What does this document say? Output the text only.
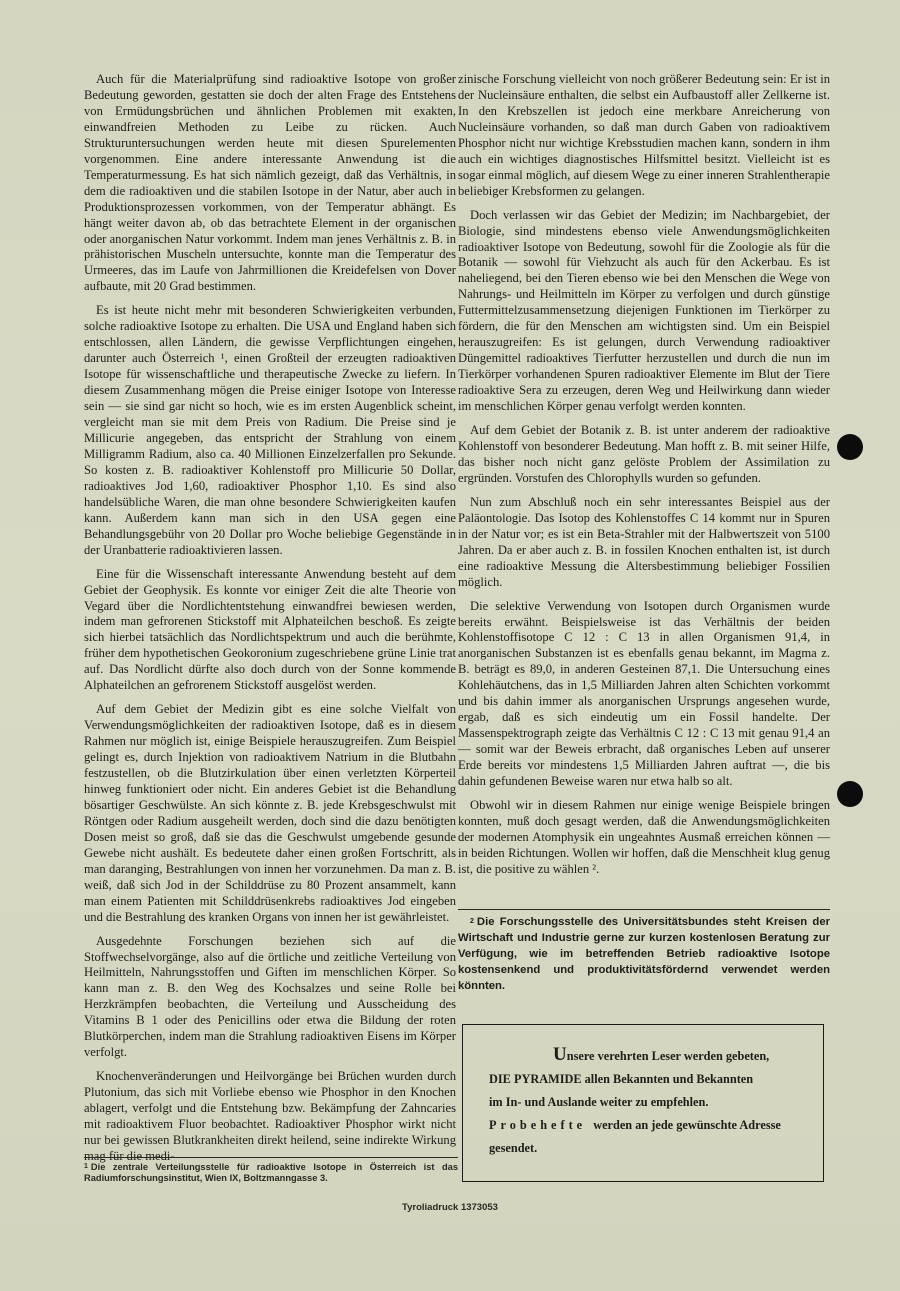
Auch für die Materialprüfung sind radioaktive Isotope von großer Bedeutung geworden, gestatten sie doch der alten Frage des Entstehens von Ermüdungsbrüchen und ähnlichen Problemen mit exakten, einwandfreien Methoden zu Leibe zu rücken. Auch Strukturuntersuchungen werden heute mit diesen Spurelementen vorgenommen. Eine andere interessante Anwendung ist die Temperaturmessung. Es hat sich nämlich gezeigt, daß das Verhältnis, in dem die radioaktiven und die stabilen Isotope in der Natur, aber auch in Produktionsprozessen vorkommen, von der Temperatur abhängt. Es hängt weiter davon ab, ob das betrachtete Element in der organischen oder anorganischen Natur vorkommt. Indem man jenes Verhältnis z. B. in prähistorischen Muscheln untersuchte, konnte man die Temperatur des Urmeeres, das im Laufe von Jahrmillionen die Kreidefelsen von Dover aufbaute, mit 20 Grad bestimmen.

Es ist heute nicht mehr mit besonderen Schwierigkeiten verbunden, solche radioaktive Isotope zu erhalten. Die USA und England haben sich entschlossen, allen Ländern, die gewisse Verpflichtungen eingehen, darunter auch Österreich ¹, einen Großteil der erzeugten radioaktiven Isotope für wissenschaftliche und therapeutische Zwecke zu liefern. In diesem Zusammenhang mögen die Preise einiger Isotope von Interesse sein — sie sind gar nicht so hoch, wie es im ersten Augenblick scheint, vergleicht man sie mit dem Preis von Radium. Die Preise sind je Millicurie angegeben, das entspricht der Strahlung von einem Milligramm Radium, also ca. 40 Millionen Einzelzerfallen pro Sekunde. So kosten z. B. radioaktiver Kohlenstoff pro Millicurie 50 Dollar, radioaktives Jod 1,60, radioaktiver Phosphor 1,10. Es sind also handelsübliche Waren, die man ohne besondere Schwierigkeiten kaufen kann. Außerdem kann man sich in den USA gegen eine Behandlungsgebühr von 20 Dollar pro Woche beliebige Gegenstände in der Uranbatterie radioaktivieren lassen.

Eine für die Wissenschaft interessante Anwendung besteht auf dem Gebiet der Geophysik. Es konnte vor einiger Zeit die alte Theorie von Vegard über die Nordlichtentstehung einwandfrei bewiesen werden, indem man gefrorenen Stickstoff mit Alphateilchen beschoß. Es zeigte sich hierbei tatsächlich das Nordlichtspektrum und auch die berühmte, früher dem hypothetischen Geokoronium zugeschriebene grüne Linie trat auf. Das Nordlicht dürfte also doch durch von der Sonne kommende Alphateilchen an gefrorenem Stickstoff ausgelöst werden.

Auf dem Gebiet der Medizin gibt es eine solche Vielfalt von Verwendungsmöglichkeiten der radioaktiven Isotope, daß es in diesem Rahmen nur möglich ist, einige Beispiele herauszugreifen. Zum Beispiel gelingt es, durch Injektion von radioaktivem Natrium in die Blutbahn festzustellen, ob die Blutzirkulation über einen verletzten Körperteil hinweg funktioniert oder nicht. Ein anderes Gebiet ist die Behandlung bösartiger Geschwülste. An sich könnte z. B. jede Krebsgeschwulst mit Röntgen oder Radium ausgeheilt werden, doch sind die dazu benötigten Dosen meist so groß, daß sie das die Geschwulst umgebende gesunde Gewebe nicht aushält. Es bedeutete daher einen großen Fortschritt, als man daranging, Bestrahlungen von innen her vorzunehmen. Da man z. B. weiß, daß sich Jod in der Schilddrüse zu 80 Prozent ansammelt, kann man einem Patienten mit Schilddrüsenkrebs radioaktives Jod eingeben und die Bestrahlung des kranken Organs von innen her ist gewährleistet.

Ausgedehnte Forschungen beziehen sich auf die Stoffwechselvorgänge, also auf die örtliche und zeitliche Verteilung von Heilmitteln, Nahrungsstoffen und Giften im menschlichen Körper. So kann man z. B. den Weg des Kochsalzes und seine Rolle bei Herzkrämpfen beobachten, die Verteilung und Ausscheidung des Vitamins B 1 oder des Penicillins oder etwa die Bildung der roten Blutkörperchen, indem man die Strahlung radioaktiven Eisens im Körper verfolgt.

Knochenveränderungen und Heilvorgänge bei Brüchen wurden durch Plutonium, das sich mit Vorliebe ebenso wie Phosphor in den Knochen ablagert, verfolgt und die Entstehung bzw. Bekämpfung der Zahncaries mit radioaktivem Fluor beobachtet. Radioaktiver Phosphor wirkt nicht nur bei gewissen Blutkrankheiten direkt heilend, seine indirekte Wirkung mag für die medi-

zinische Forschung vielleicht von noch größerer Bedeutung sein: Er ist in der Nucleinsäure enthalten, die selbst ein Aufbaustoff aller Zellkerne ist. In den Krebszellen ist jedoch eine merkbare Anreicherung von Nucleinsäure vorhanden, so daß man durch Gaben von radioaktivem Phosphor nicht nur wichtige Krebsstudien machen kann, sondern in ihm auch ein wichtiges diagnostisches Hilfsmittel besitzt. Vielleicht ist es sogar einmal möglich, auf diesem Wege zu einer inneren Strahlentherapie beliebiger Krebsformen zu gelangen.

Doch verlassen wir das Gebiet der Medizin; im Nachbargebiet, der Biologie, sind mindestens ebenso viele Anwendungsmöglichkeiten radioaktiver Isotope von Bedeutung, sowohl für die Zoologie als für die Botanik — sowohl für Viehzucht als auch für den Ackerbau. Es ist naheliegend, bei den Tieren ebenso wie bei den Menschen die Wege von Nahrungs- und Heilmitteln im Körper zu verfolgen und durch günstige Futtermittelzusammensetzung diejenigen Funktionen im Tierkörper zu fördern, die für den Menschen am wichtigsten sind. Um ein Beispiel herauszugreifen: Es ist gelungen, durch Verwendung radioaktiver Düngemittel radioaktives Tierfutter herzustellen und durch die nun im Tierkörper vorhandenen Spuren radioaktiver Elemente im Blut der Tiere radioaktive Sera zu erzeugen, deren Weg und Heilwirkung dann wieder im menschlichen Körper genau verfolgt werden konnten.

Auf dem Gebiet der Botanik z. B. ist unter anderem der radioaktive Kohlenstoff von besonderer Bedeutung. Man hofft z. B. mit seiner Hilfe, das bisher noch nicht ganz gelöste Problem der Assimilation zu ergründen. Vorstufen des Chlorophylls wurden so gefunden.

Nun zum Abschluß noch ein sehr interessantes Beispiel aus der Paläontologie. Das Isotop des Kohlenstoffes C 14 kommt nur in Spuren in der Natur vor; es ist ein Beta-Strahler mit der Halbwertszeit von 5100 Jahren. Da er aber auch z. B. in fossilen Knochen enthalten ist, ist durch eine radioaktive Messung die Altersbestimmung beliebiger Fossilien möglich.

Die selektive Verwendung von Isotopen durch Organismen wurde bereits erwähnt. Beispielsweise ist das Verhältnis der beiden Kohlenstoffisotope C 12 : C 13 in allen Organismen 91,4, in anorganischen Substanzen ist es ebenfalls genau bekannt, im Magma z. B. beträgt es 89,0, in anderen Gesteinen 87,1. Die Untersuchung eines Kohlehäutchens, das in 1,5 Milliarden Jahren alten Schichten vorkommt und bis dahin immer als anorganischen Ursprungs angesehen wurde, ergab, daß es sich eindeutig um ein Fossil handelte. Der Massenspektrograph zeigte das Verhältnis C 12 : C 13 mit genau 91,4 an — somit war der Beweis erbracht, daß organisches Leben auf unserer Erde bereits vor mindestens 1,5 Milliarden Jahren auftrat —, die bis dahin gefundenen Beweise waren nur etwa halb so alt.

Obwohl wir in diesem Rahmen nur einige wenige Beispiele bringen konnten, muß doch gesagt werden, daß die Anwendungsmöglichkeiten der modernen Atomphysik ein ungeahntes Ausmaß erreichen können — in beiden Richtungen. Wollen wir hoffen, daß die Menschheit klug genug ist, die positive zu wählen ².

2 Die Forschungsstelle des Universitätsbundes steht Kreisen der Wirtschaft und Industrie gerne zur kurzen kostenlosen Beratung zur Verfügung, wie im betreffenden Betrieb radioaktive Isotope kostensenkend und produktivitätsfördernd verwendet werden könnten.
Unsere verehrten Leser werden gebeten,
DIE PYRAMIDE allen Bekannten und Bekannten
im In- und Auslande weiter zu empfehlen.
Probehefte werden an jede gewünschte Adresse
gesendet.
$^1$ Die zentrale Verteilungsstelle für radioaktive Isotope in Österreich ist das Radiumforschungsinstitut, Wien IX, Boltzmanngasse 3.
Tyroliadruck 1373053
